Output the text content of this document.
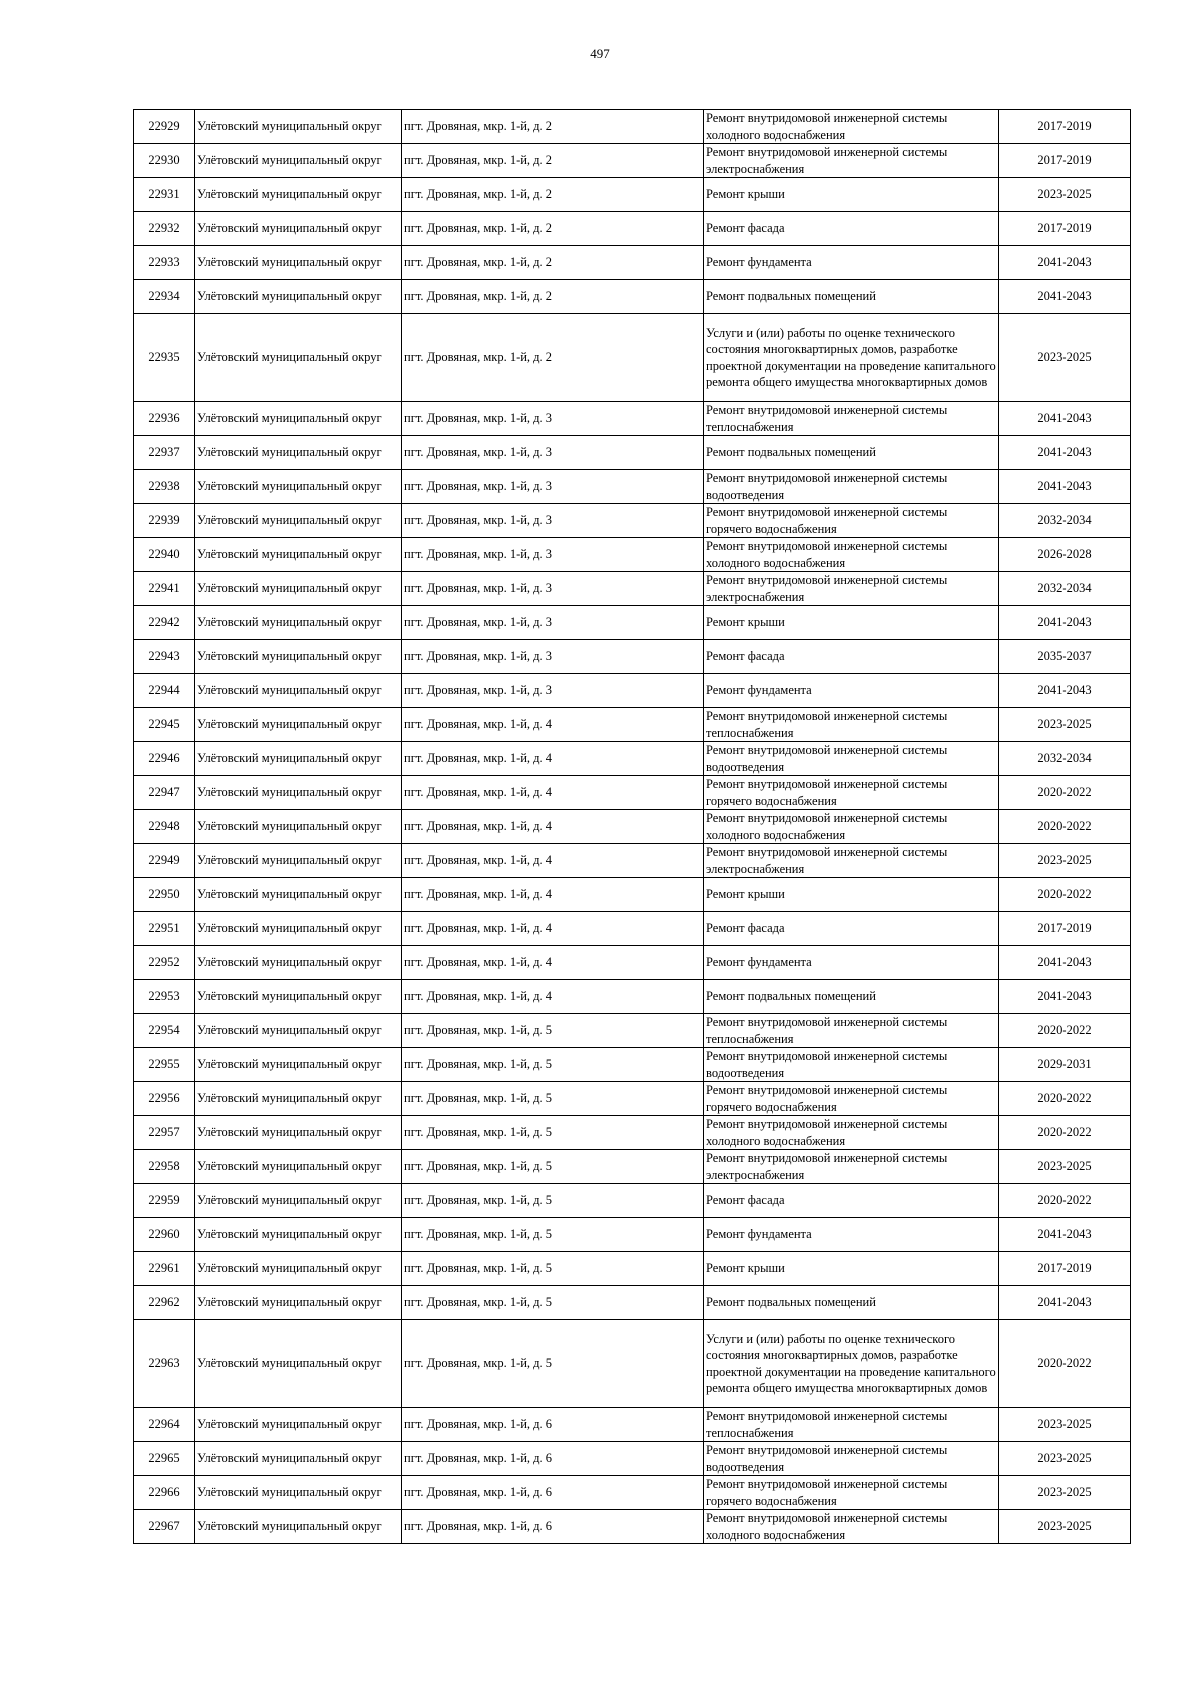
497
22929	Улётовский муниципальный округ	пгт. Дровяная, мкр. 1-й, д. 2	Ремонт внутридомовой инженерной системы холодного водоснабжения	2017-2019
22930	Улётовский муниципальный округ	пгт. Дровяная, мкр. 1-й, д. 2	Ремонт внутридомовой инженерной системы электроснабжения	2017-2019
22931	Улётовский муниципальный округ	пгт. Дровяная, мкр. 1-й, д. 2	Ремонт крыши	2023-2025
22932	Улётовский муниципальный округ	пгт. Дровяная, мкр. 1-й, д. 2	Ремонт фасада	2017-2019
22933	Улётовский муниципальный округ	пгт. Дровяная, мкр. 1-й, д. 2	Ремонт фундамента	2041-2043
22934	Улётовский муниципальный округ	пгт. Дровяная, мкр. 1-й, д. 2	Ремонт подвальных помещений	2041-2043
22935	Улётовский муниципальный округ	пгт. Дровяная, мкр. 1-й, д. 2	Услуги и (или) работы по оценке технического состояния многоквартирных домов, разработке проектной документации на проведение капитального ремонта общего имущества многоквартирных домов	2023-2025
22936	Улётовский муниципальный округ	пгт. Дровяная, мкр. 1-й, д. 3	Ремонт внутридомовой инженерной системы теплоснабжения	2041-2043
22937	Улётовский муниципальный округ	пгт. Дровяная, мкр. 1-й, д. 3	Ремонт подвальных помещений	2041-2043
22938	Улётовский муниципальный округ	пгт. Дровяная, мкр. 1-й, д. 3	Ремонт внутридомовой инженерной системы водоотведения	2041-2043
22939	Улётовский муниципальный округ	пгт. Дровяная, мкр. 1-й, д. 3	Ремонт внутридомовой инженерной системы горячего водоснабжения	2032-2034
22940	Улётовский муниципальный округ	пгт. Дровяная, мкр. 1-й, д. 3	Ремонт внутридомовой инженерной системы холодного водоснабжения	2026-2028
22941	Улётовский муниципальный округ	пгт. Дровяная, мкр. 1-й, д. 3	Ремонт внутридомовой инженерной системы электроснабжения	2032-2034
22942	Улётовский муниципальный округ	пгт. Дровяная, мкр. 1-й, д. 3	Ремонт крыши	2041-2043
22943	Улётовский муниципальный округ	пгт. Дровяная, мкр. 1-й, д. 3	Ремонт фасада	2035-2037
22944	Улётовский муниципальный округ	пгт. Дровяная, мкр. 1-й, д. 3	Ремонт фундамента	2041-2043
22945	Улётовский муниципальный округ	пгт. Дровяная, мкр. 1-й, д. 4	Ремонт внутридомовой инженерной системы теплоснабжения	2023-2025
22946	Улётовский муниципальный округ	пгт. Дровяная, мкр. 1-й, д. 4	Ремонт внутридомовой инженерной системы водоотведения	2032-2034
22947	Улётовский муниципальный округ	пгт. Дровяная, мкр. 1-й, д. 4	Ремонт внутридомовой инженерной системы горячего водоснабжения	2020-2022
22948	Улётовский муниципальный округ	пгт. Дровяная, мкр. 1-й, д. 4	Ремонт внутридомовой инженерной системы холодного водоснабжения	2020-2022
22949	Улётовский муниципальный округ	пгт. Дровяная, мкр. 1-й, д. 4	Ремонт внутридомовой инженерной системы электроснабжения	2023-2025
22950	Улётовский муниципальный округ	пгт. Дровяная, мкр. 1-й, д. 4	Ремонт крыши	2020-2022
22951	Улётовский муниципальный округ	пгт. Дровяная, мкр. 1-й, д. 4	Ремонт фасада	2017-2019
22952	Улётовский муниципальный округ	пгт. Дровяная, мкр. 1-й, д. 4	Ремонт фундамента	2041-2043
22953	Улётовский муниципальный округ	пгт. Дровяная, мкр. 1-й, д. 4	Ремонт подвальных помещений	2041-2043
22954	Улётовский муниципальный округ	пгт. Дровяная, мкр. 1-й, д. 5	Ремонт внутридомовой инженерной системы теплоснабжения	2020-2022
22955	Улётовский муниципальный округ	пгт. Дровяная, мкр. 1-й, д. 5	Ремонт внутридомовой инженерной системы водоотведения	2029-2031
22956	Улётовский муниципальный округ	пгт. Дровяная, мкр. 1-й, д. 5	Ремонт внутридомовой инженерной системы горячего водоснабжения	2020-2022
22957	Улётовский муниципальный округ	пгт. Дровяная, мкр. 1-й, д. 5	Ремонт внутридомовой инженерной системы холодного водоснабжения	2020-2022
22958	Улётовский муниципальный округ	пгт. Дровяная, мкр. 1-й, д. 5	Ремонт внутридомовой инженерной системы электроснабжения	2023-2025
22959	Улётовский муниципальный округ	пгт. Дровяная, мкр. 1-й, д. 5	Ремонт фасада	2020-2022
22960	Улётовский муниципальный округ	пгт. Дровяная, мкр. 1-й, д. 5	Ремонт фундамента	2041-2043
22961	Улётовский муниципальный округ	пгт. Дровяная, мкр. 1-й, д. 5	Ремонт крыши	2017-2019
22962	Улётовский муниципальный округ	пгт. Дровяная, мкр. 1-й, д. 5	Ремонт подвальных помещений	2041-2043
22963	Улётовский муниципальный округ	пгт. Дровяная, мкр. 1-й, д. 5	Услуги и (или) работы по оценке технического состояния многоквартирных домов, разработке проектной документации на проведение капитального ремонта общего имущества многоквартирных домов	2020-2022
22964	Улётовский муниципальный округ	пгт. Дровяная, мкр. 1-й, д. 6	Ремонт внутридомовой инженерной системы теплоснабжения	2023-2025
22965	Улётовский муниципальный округ	пгт. Дровяная, мкр. 1-й, д. 6	Ремонт внутридомовой инженерной системы водоотведения	2023-2025
22966	Улётовский муниципальный округ	пгт. Дровяная, мкр. 1-й, д. 6	Ремонт внутридомовой инженерной системы горячего водоснабжения	2023-2025
22967	Улётовский муниципальный округ	пгт. Дровяная, мкр. 1-й, д. 6	Ремонт внутридомовой инженерной системы холодного водоснабжения	2023-2025
